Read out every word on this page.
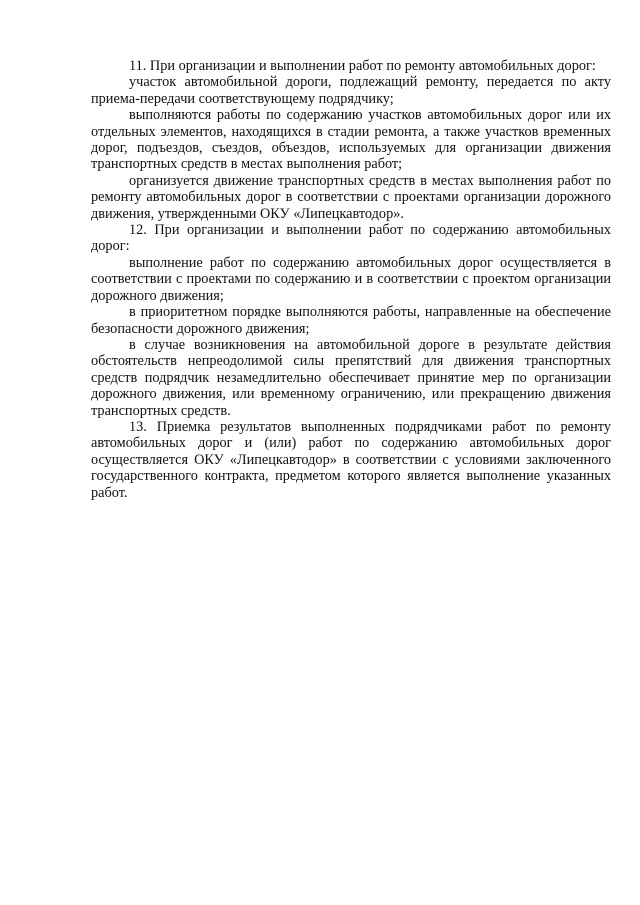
11. При организации и выполнении работ по ремонту автомобильных дорог:

участок автомобильной дороги, подлежащий ремонту, передается по акту приема-передачи соответствующему подрядчику;

выполняются работы по содержанию участков автомобильных дорог или их отдельных элементов, находящихся в стадии ремонта, а также участков временных дорог, подъездов, съездов, объездов, используемых для организации движения транспортных средств в местах выполнения работ;

организуется движение транспортных средств в местах выполнения работ по ремонту автомобильных дорог в соответствии с проектами организации дорожного движения, утвержденными ОКУ «Липецкавтодор».

12. При организации и выполнении работ по содержанию автомобильных дорог:

выполнение работ по содержанию автомобильных дорог осуществляется в соответствии с проектами по содержанию и в соответствии с проектом организации дорожного движения;

в приоритетном порядке выполняются работы, направленные на обеспечение безопасности дорожного движения;

в случае возникновения на автомобильной дороге в результате действия обстоятельств непреодолимой силы препятствий для движения транспортных средств подрядчик незамедлительно обеспечивает принятие мер по организации дорожного движения, или временному ограничению, или прекращению движения транспортных средств.

13. Приемка результатов выполненных подрядчиками работ по ремонту автомобильных дорог и (или) работ по содержанию автомобильных дорог осуществляется ОКУ «Липецкавтодор» в соответствии с условиями заключенного государственного контракта, предметом которого является выполнение указанных работ.
